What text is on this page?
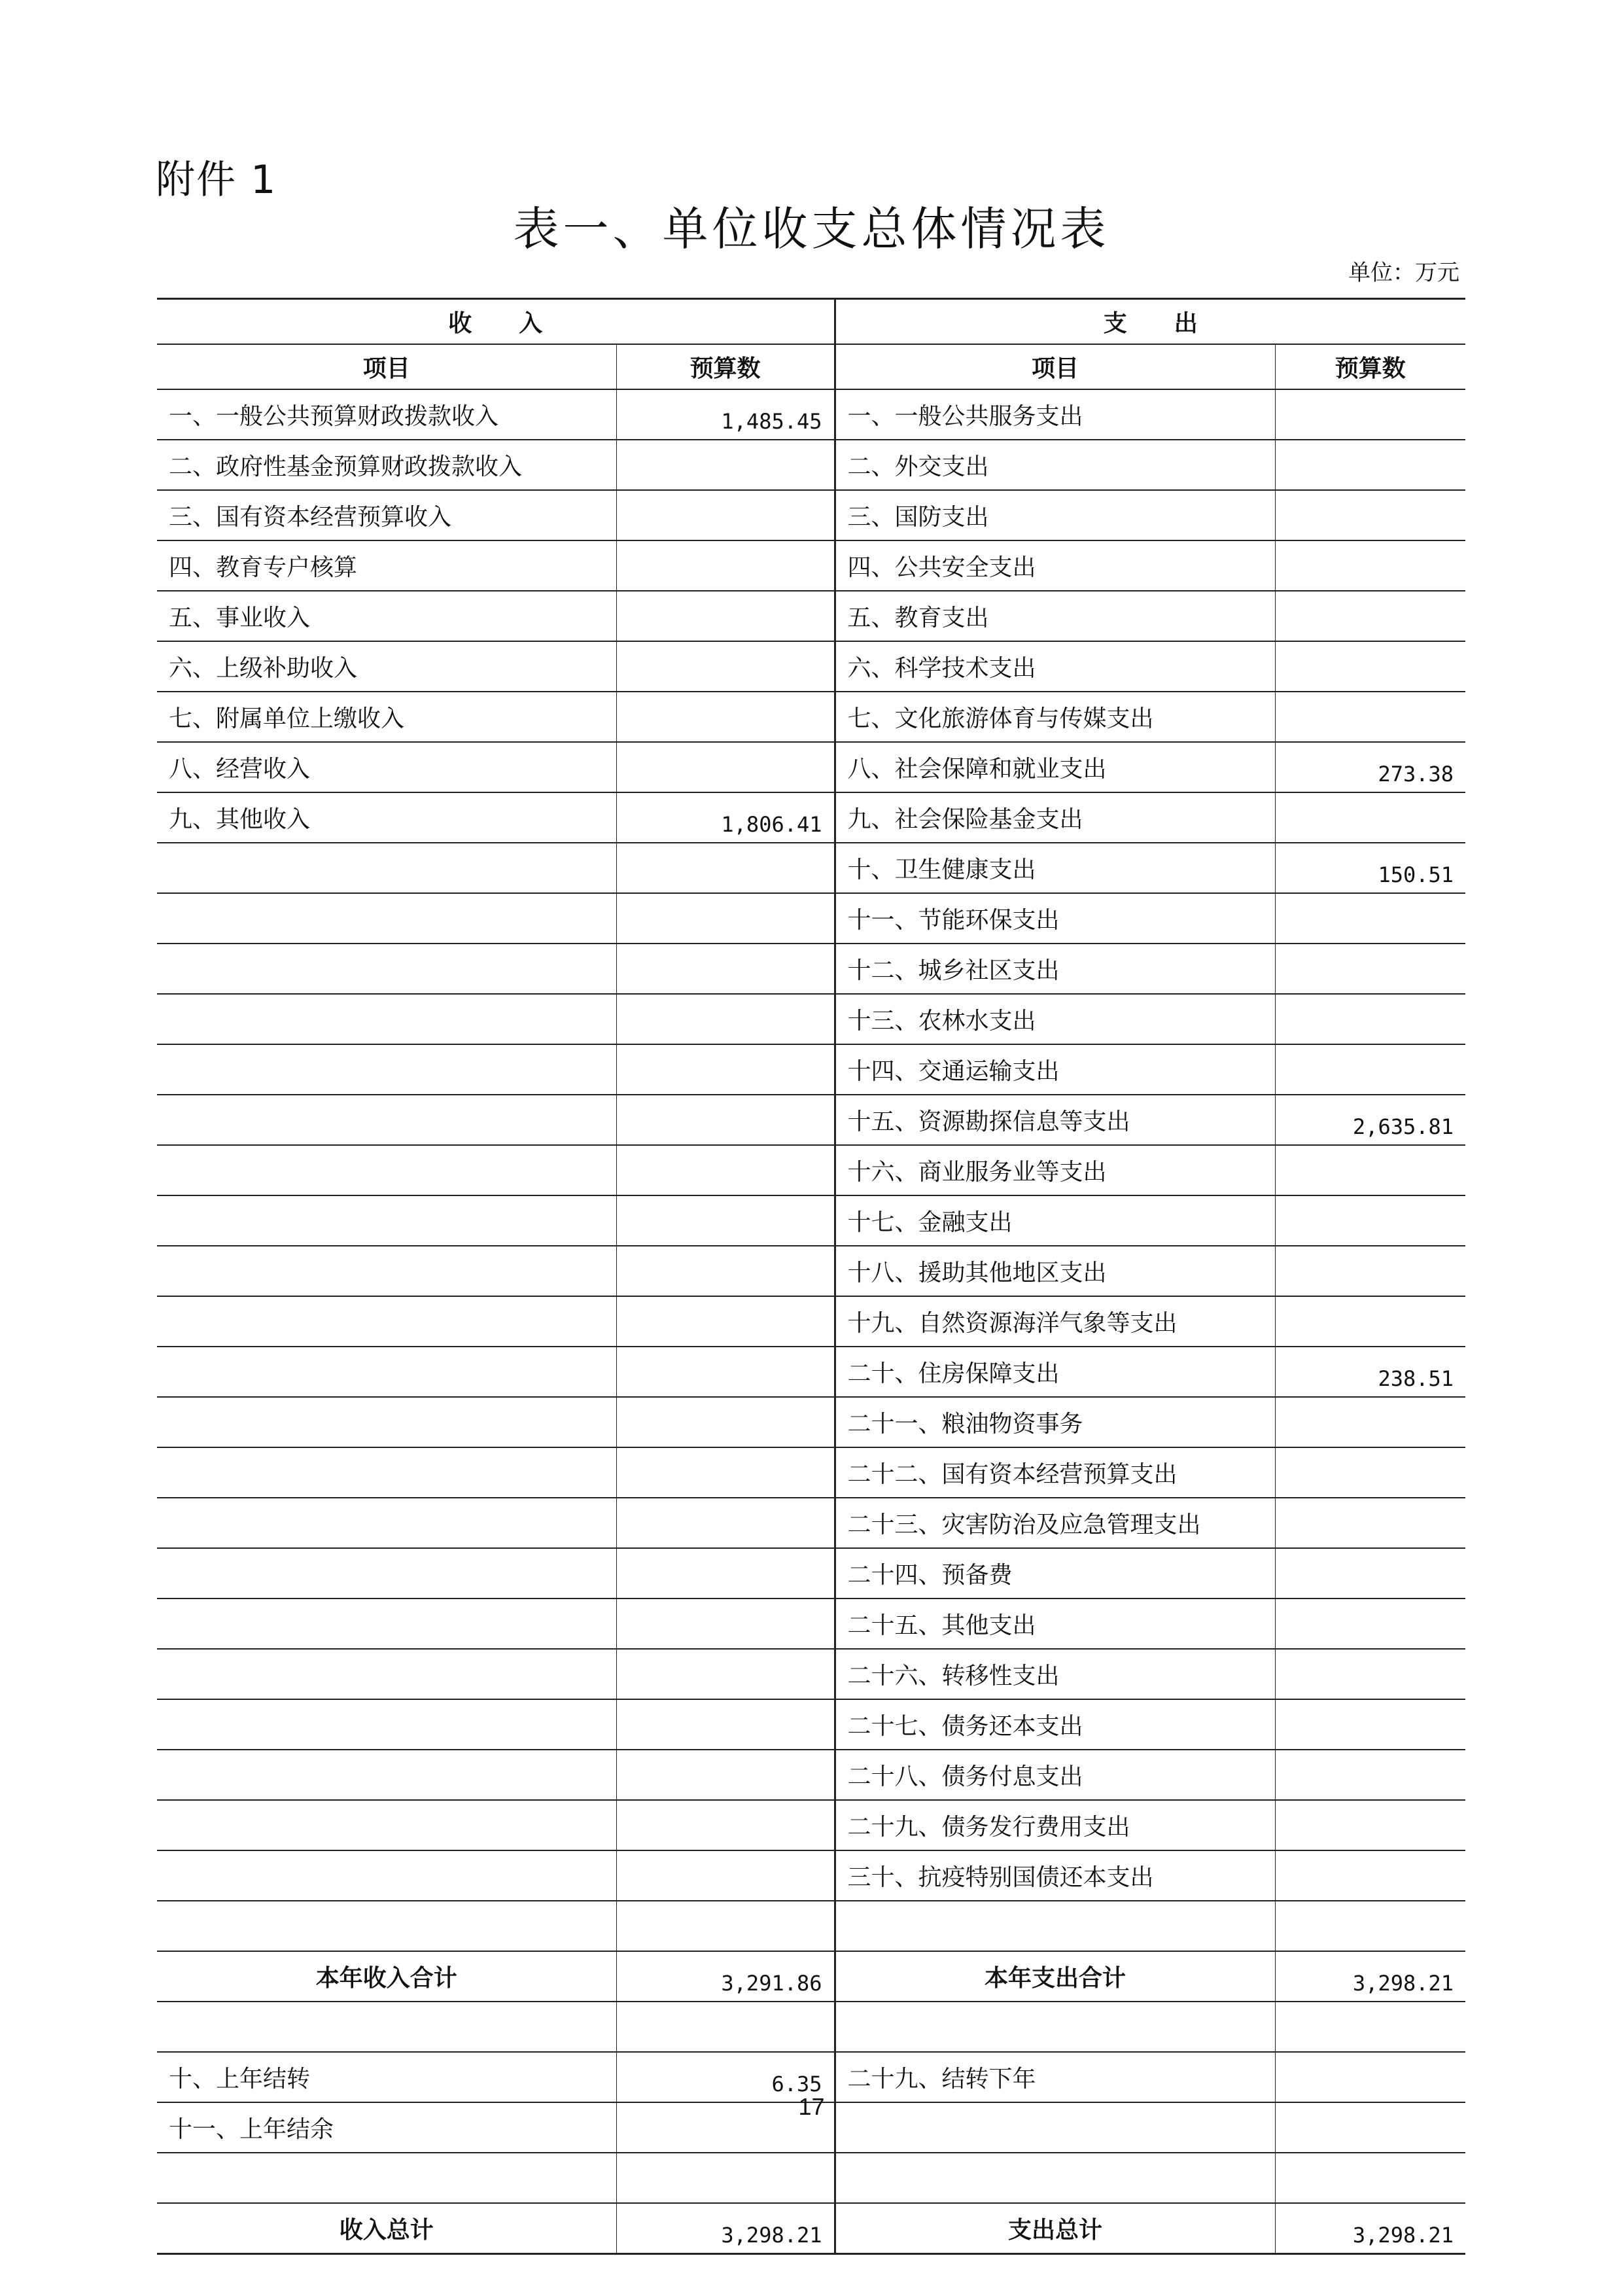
附件 1
表一、单位收支总体情况表
单位：万元
收　　入		支　　出	
项目	预算数	项目	预算数
一、一般公共预算财政拨款收入	1,485.45	一、一般公共服务支出	
二、政府性基金预算财政拨款收入		二、外交支出	
三、国有资本经营预算收入		三、国防支出	
四、教育专户核算		四、公共安全支出	
五、事业收入		五、教育支出	
六、上级补助收入		六、科学技术支出	
七、附属单位上缴收入		七、文化旅游体育与传媒支出	
八、经营收入		八、社会保障和就业支出	273.38
九、其他收入	1,806.41	九、社会保险基金支出	
		十、卫生健康支出	150.51
		十一、节能环保支出	
		十二、城乡社区支出	
		十三、农林水支出	
		十四、交通运输支出	
		十五、资源勘探信息等支出	2,635.81
		十六、商业服务业等支出	
		十七、金融支出	
		十八、援助其他地区支出	
		十九、自然资源海洋气象等支出	
		二十、住房保障支出	238.51
		二十一、粮油物资事务	
		二十二、国有资本经营预算支出	
		二十三、灾害防治及应急管理支出	
		二十四、预备费	
		二十五、其他支出	
		二十六、转移性支出	
		二十七、债务还本支出	
		二十八、债务付息支出	
		二十九、债务发行费用支出	
		三十、抗疫特别国债还本支出	

本年收入合计	3,291.86	本年支出合计	3,298.21

十、上年结转	6.35	二十九、结转下年	
十一、上年结余			

收入总计	3,298.21	支出总计	3,298.21
17
